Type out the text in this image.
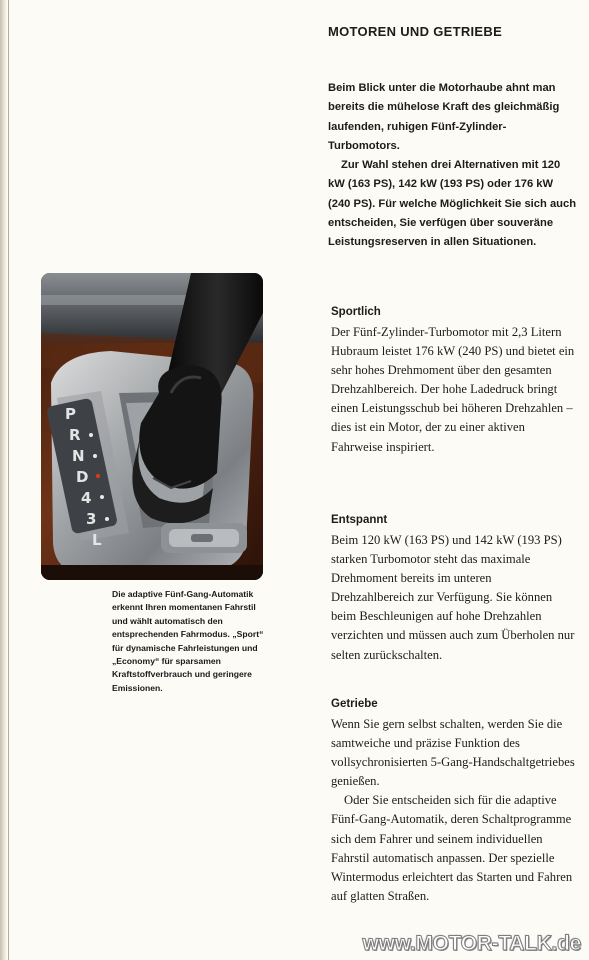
P
R
N
D
4
3
L
Die adaptive Fünf-Gang-Automatik erkennt Ihren momentanen Fahrstil und wählt automatisch den entsprechenden Fahrmodus. „Sport“ für dynamische Fahrleistungen und „Economy“ für sparsamen Kraftstoffverbrauch und geringere Emissionen.
MOTOREN UND GETRIEBE

Beim Blick unter die Motorhaube ahnt man bereits die mühelose Kraft des gleichmäßig laufenden, ruhigen Fünf-Zylinder-Turbomotors.

Zur Wahl stehen drei Alternativen mit 120 kW (163 PS), 142 kW (193 PS) oder 176 kW (240 PS). Für welche Möglichkeit Sie sich auch entscheiden, Sie verfügen über souveräne Leistungsreserven in allen Situationen.

Sportlich

Der Fünf-Zylinder-Turbomotor mit 2,3 Litern Hubraum leistet 176 kW (240 PS) und bietet ein sehr hohes Drehmoment über den gesamten Drehzahlbereich. Der hohe Ladedruck bringt einen Leistungsschub bei höheren Drehzahlen – dies ist ein Motor, der zu einer aktiven Fahrweise inspiriert.

Entspannt

Beim 120 kW (163 PS) und 142 kW (193 PS) starken Turbomotor steht das maximale Drehmoment bereits im unteren Drehzahlbereich zur Verfügung. Sie können beim Beschleunigen auf hohe Drehzahlen verzichten und müssen auch zum Überholen nur selten zurückschalten.

Getriebe

Wenn Sie gern selbst schalten, werden Sie die samtweiche und präzise Funktion des vollsychronisierten 5-Gang-Handschaltgetriebes genießen.

Oder Sie entscheiden sich für die adaptive Fünf-Gang-Automatik, deren Schaltprogramme sich dem Fahrer und seinem individuellen Fahrstil automatisch anpassen. Der spezielle Wintermodus erleichtert das Starten und Fahren auf glatten Straßen.

www.MOTOR-TALK.de
